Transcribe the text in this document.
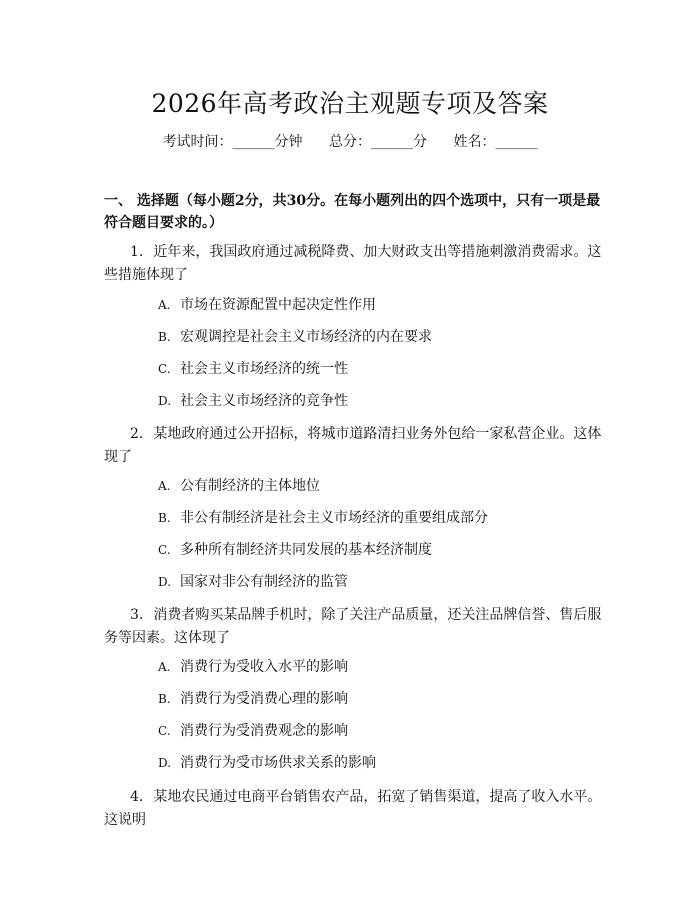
2026年高考政治主观题专项及答案
考试时间：______分钟 总分：______分 姓名：______
一、 选择题（每小题2分，共30分。在每小题列出的四个选项中，只有一项是最符合题目要求的。）
1. 近年来，我国政府通过减税降费、加大财政支出等措施刺激消费需求。这些措施体现了
A. 市场在资源配置中起决定性作用
B. 宏观调控是社会主义市场经济的内在要求
C. 社会主义市场经济的统一性
D. 社会主义市场经济的竞争性
2. 某地政府通过公开招标，将城市道路清扫业务外包给一家私营企业。这体现了
A. 公有制经济的主体地位
B. 非公有制经济是社会主义市场经济的重要组成部分
C. 多种所有制经济共同发展的基本经济制度
D. 国家对非公有制经济的监管
3. 消费者购买某品牌手机时，除了关注产品质量，还关注品牌信誉、售后服务等因素。这体现了
A. 消费行为受收入水平的影响
B. 消费行为受消费心理的影响
C. 消费行为受消费观念的影响
D. 消费行为受市场供求关系的影响
4. 某地农民通过电商平台销售农产品，拓宽了销售渠道，提高了收入水平。这说明
